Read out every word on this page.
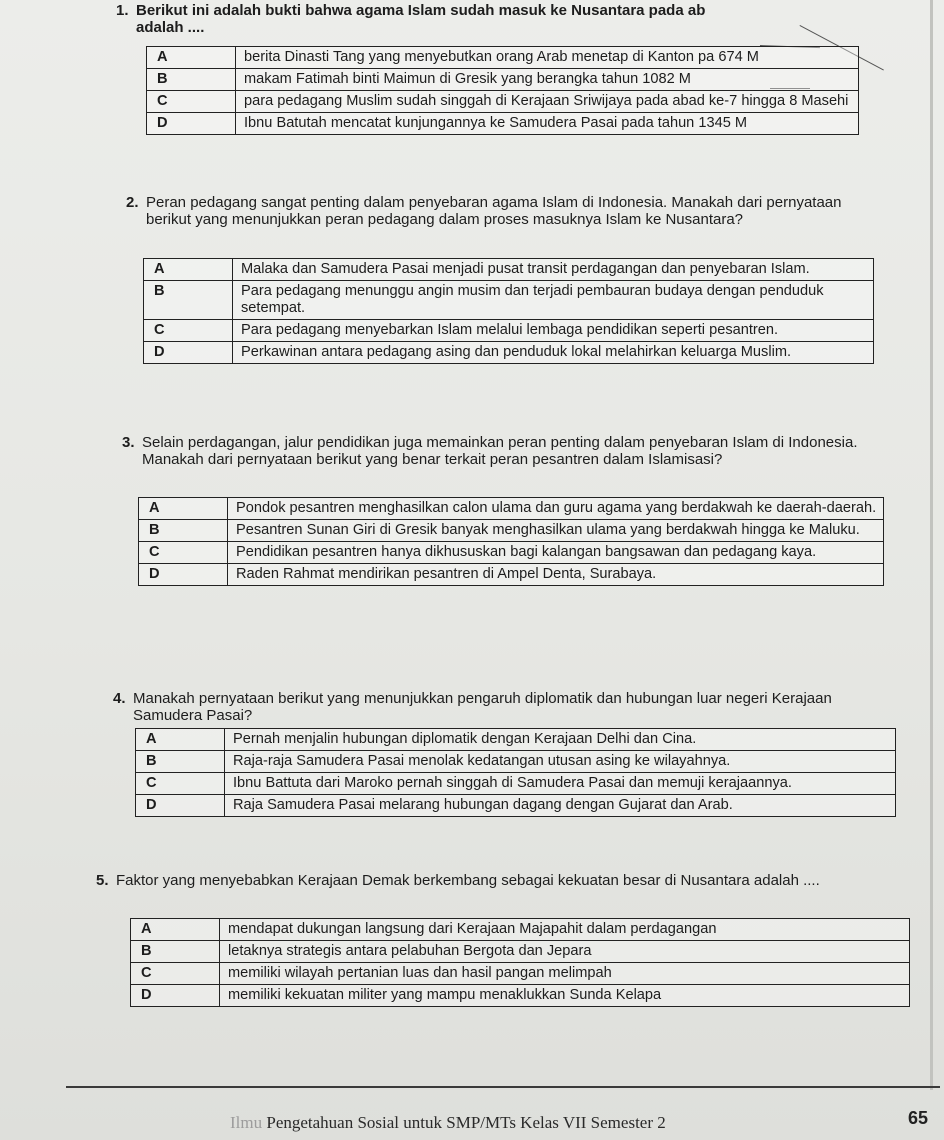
1. Berikut ini adalah bukti bahwa agama Islam sudah masuk ke Nusantara pada ab adalah ....
A	berita Dinasti Tang yang menyebutkan orang Arab menetap di Kanton pa 674 M
B	makam Fatimah binti Maimun di Gresik yang berangka tahun 1082 M
C	para pedagang Muslim sudah singgah di Kerajaan Sriwijaya pada abad ke-7 hingga 8 Masehi
D	Ibnu Batutah mencatat kunjungannya ke Samudera Pasai pada tahun 1345 M
2. Peran pedagang sangat penting dalam penyebaran agama Islam di Indonesia. Manakah dari pernyataan berikut yang menunjukkan peran pedagang dalam proses masuknya Islam ke Nusantara?
A	Malaka dan Samudera Pasai menjadi pusat transit perdagangan dan penyebaran Islam.
B	Para pedagang menunggu angin musim dan terjadi pembauran budaya dengan penduduk setempat.
C	Para pedagang menyebarkan Islam melalui lembaga pendidikan seperti pesantren.
D	Perkawinan antara pedagang asing dan penduduk lokal melahirkan keluarga Muslim.
3. Selain perdagangan, jalur pendidikan juga memainkan peran penting dalam penyebaran Islam di Indonesia. Manakah dari pernyataan berikut yang benar terkait peran pesantren dalam Islamisasi?
A	Pondok pesantren menghasilkan calon ulama dan guru agama yang berdakwah ke daerah-daerah.
B	Pesantren Sunan Giri di Gresik banyak menghasilkan ulama yang berdakwah hingga ke Maluku.
C	Pendidikan pesantren hanya dikhususkan bagi kalangan bangsawan dan pedagang kaya.
D	Raden Rahmat mendirikan pesantren di Ampel Denta, Surabaya.
4. Manakah pernyataan berikut yang menunjukkan pengaruh diplomatik dan hubungan luar negeri Kerajaan Samudera Pasai?
A	Pernah menjalin hubungan diplomatik dengan Kerajaan Delhi dan Cina.
B	Raja-raja Samudera Pasai menolak kedatangan utusan asing ke wilayahnya.
C	Ibnu Battuta dari Maroko pernah singgah di Samudera Pasai dan memuji kerajaannya.
D	Raja Samudera Pasai melarang hubungan dagang dengan Gujarat dan Arab.
5. Faktor yang menyebabkan Kerajaan Demak berkembang sebagai kekuatan besar di Nusantara adalah ....
A	mendapat dukungan langsung dari Kerajaan Majapahit dalam perdagangan
B	letaknya strategis antara pelabuhan Bergota dan Jepara
C	memiliki wilayah pertanian luas dan hasil pangan melimpah
D	memiliki kekuatan militer yang mampu menaklukkan Sunda Kelapa
Ilmu Pengetahuan Sosial untuk SMP/MTs Kelas VII Semester 2	65
